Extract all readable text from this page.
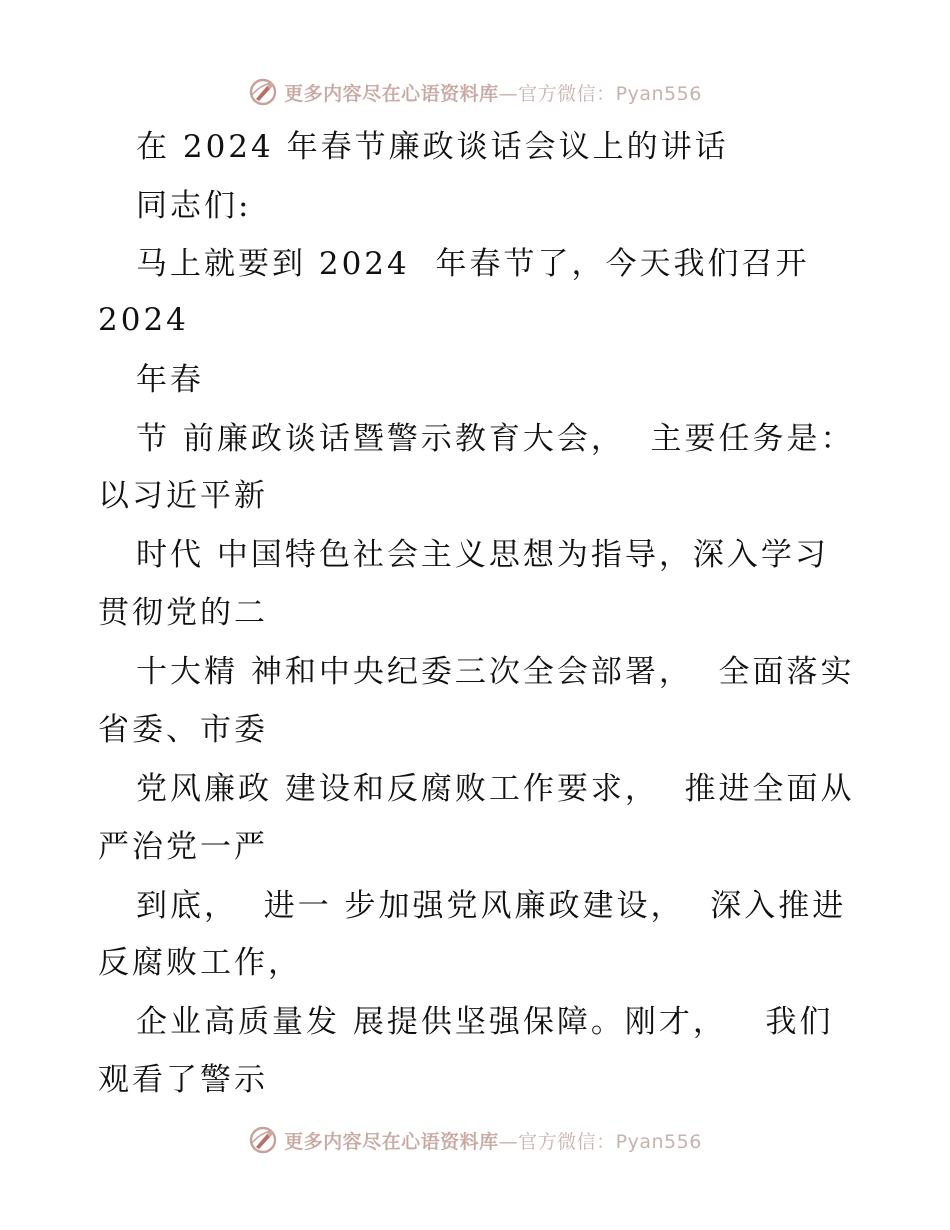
更多内容尽在心语资料库—官方微信：Pyan556
在 2024 年春节廉政谈话会议上的讲话
同志们:
马上就要到 2024  年春节了，今天我们召开
2024
年春
节 前廉政谈话暨警示教育大会，  主要任务是：
以习近平新
时代 中国特色社会主义思想为指导，深入学习
贯彻党的二
十大精 神和中央纪委三次全会部署，  全面落实
省委、市委
党风廉政 建设和反腐败工作要求，  推进全面从
严治党一严
到底，  进一 步加强党风廉政建设，  深入推进
反腐败工作，
企业高质量发 展提供坚强保障。刚才，   我们
观看了警示
更多内容尽在心语资料库—官方微信：Pyan556
